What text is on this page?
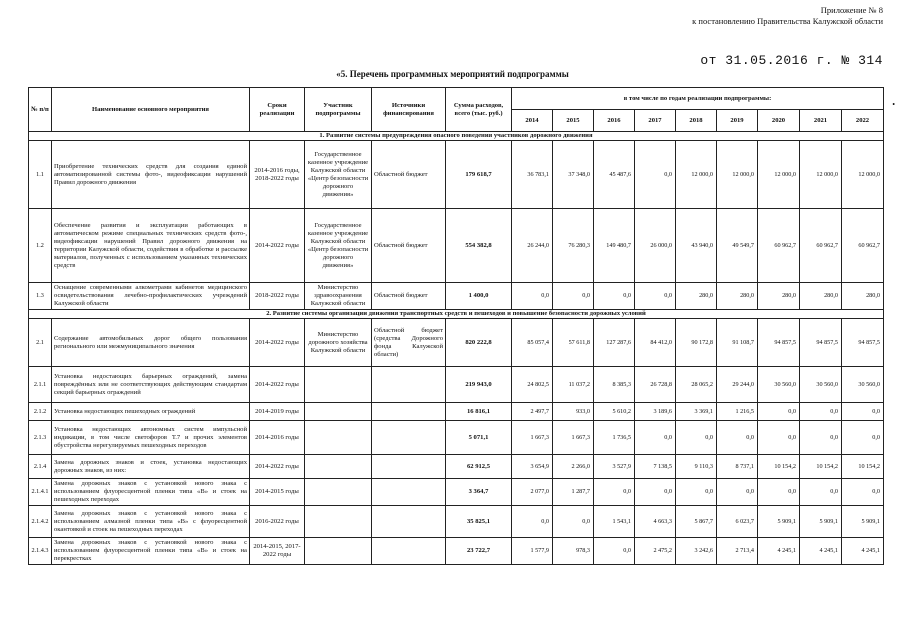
Приложение № 8
к постановлению Правительства Калужской области
от 31.05.2016 г. № 314
«5. Перечень программных мероприятий подпрограммы
•
№ п/п	Наименование основного мероприятия	Сроки реализации	Участник подпрограммы	Источники финансирования	Сумма расходов, всего (тыс. руб.)	в том числе по годам реализации подпрограммы:								
						2014	2015	2016	2017	2018	2019	2020	2021	2022
1. Развитие системы предупреждения опасного поведения участников дорожного движения														
1.1	Приобретение технических средств для создания единой автоматизированной системы фото-, видеофиксации нарушений Правил дорожного движения	2014-2016 годы, 2018-2022 годы	Государственное казенное учреждение Калужской области «Центр безопасности дорожного движения»	Областной бюджет	179 618,7	36 783,1	37 348,0	45 487,6	0,0	12 000,0	12 000,0	12 000,0	12 000,0	12 000,0
1.2	Обеспечение развития и эксплуатации работающих в автоматическом режиме специальных технических средств фото-, видеофиксации нарушений Правил дорожного движения на территории Калужской области, содействия в обработке и рассылке материалов, полученных с использованием указанных технических средств	2014-2022 годы	Государственное казенное учреждение Калужской области «Центр безопасности дорожного движения»	Областной бюджет	554 382,8	26 244,0	76 280,3	149 480,7	26 000,0	43 940,0	49 549,7	60 962,7	60 962,7	60 962,7
1.3	Оснащение современными алкометрами кабинетов медицинского освидетельствования лечебно-профилактических учреждений Калужской области	2018-2022 годы	Министерство здравоохранения Калужской области	Областной бюджет	1 400,0	0,0	0,0	0,0	0,0	280,0	280,0	280,0	280,0	280,0
2. Развитие системы организации движения транспортных средств и пешеходов и повышение безопасности дорожных условий														
2.1	Содержание автомобильных дорог общего пользования регионального или межмуниципального значения	2014-2022 годы	Министерство дорожного хозяйства Калужской области	Областной бюджет (средства Дорожного фонда Калужской области)	820 222,8	85 057,4	57 611,8	127 287,6	84 412,0	90 172,8	91 108,7	94 857,5	94 857,5	94 857,5
2.1.1	Установка недостающих барьерных ограждений, замена повреждённых или не соответствующих действующим стандартам секций барьерных ограждений	2014-2022 годы			219 943,0	24 802,5	11 037,2	8 385,3	26 728,8	28 065,2	29 244,0	30 560,0	30 560,0	30 560,0
2.1.2	Установка недостающих пешеходных ограждений	2014-2019 годы			16 816,1	2 497,7	933,0	5 610,2	3 189,6	3 369,1	1 216,5	0,0	0,0	0,0
2.1.3	Установка недостающих автономных систем импульсной индикации, в том числе светофоров Т.7 и прочих элементов обустройства нерегулируемых пешеходных переходов	2014-2016 годы			5 071,1	1 667,3	1 667,3	1 736,5	0,0	0,0	0,0	0,0	0,0	0,0
2.1.4	Замена дорожных знаков и стоек, установка недостающих дорожных знаков, из них:	2014-2022 годы			62 912,5	3 654,9	2 266,0	3 527,9	7 138,5	9 110,3	8 737,1	10 154,2	10 154,2	10 154,2
2.1.4.1	Замена дорожных знаков с установкой нового знака с использованием флуоресцентной пленки типа «В» и стоек на пешеходных переходах	2014-2015 годы			3 364,7	2 077,0	1 287,7	0,0	0,0	0,0	0,0	0,0	0,0	0,0
2.1.4.2	Замена дорожных знаков с установкой нового знака с использованием алмазной пленки типа «В» с флуоресцентной окантовкой и стоек на пешеходных переходах	2016-2022 годы			35 825,1	0,0	0,0	1 543,1	4 663,3	5 867,7	6 023,7	5 909,1	5 909,1	5 909,1
2.1.4.3	Замена дорожных знаков с установкой нового знака с использованием флуоресцентной пленки типа «В» и стоек на перекрестках	2014-2015, 2017-2022 годы			23 722,7	1 577,9	978,3	0,0	2 475,2	3 242,6	2 713,4	4 245,1	4 245,1	4 245,1
